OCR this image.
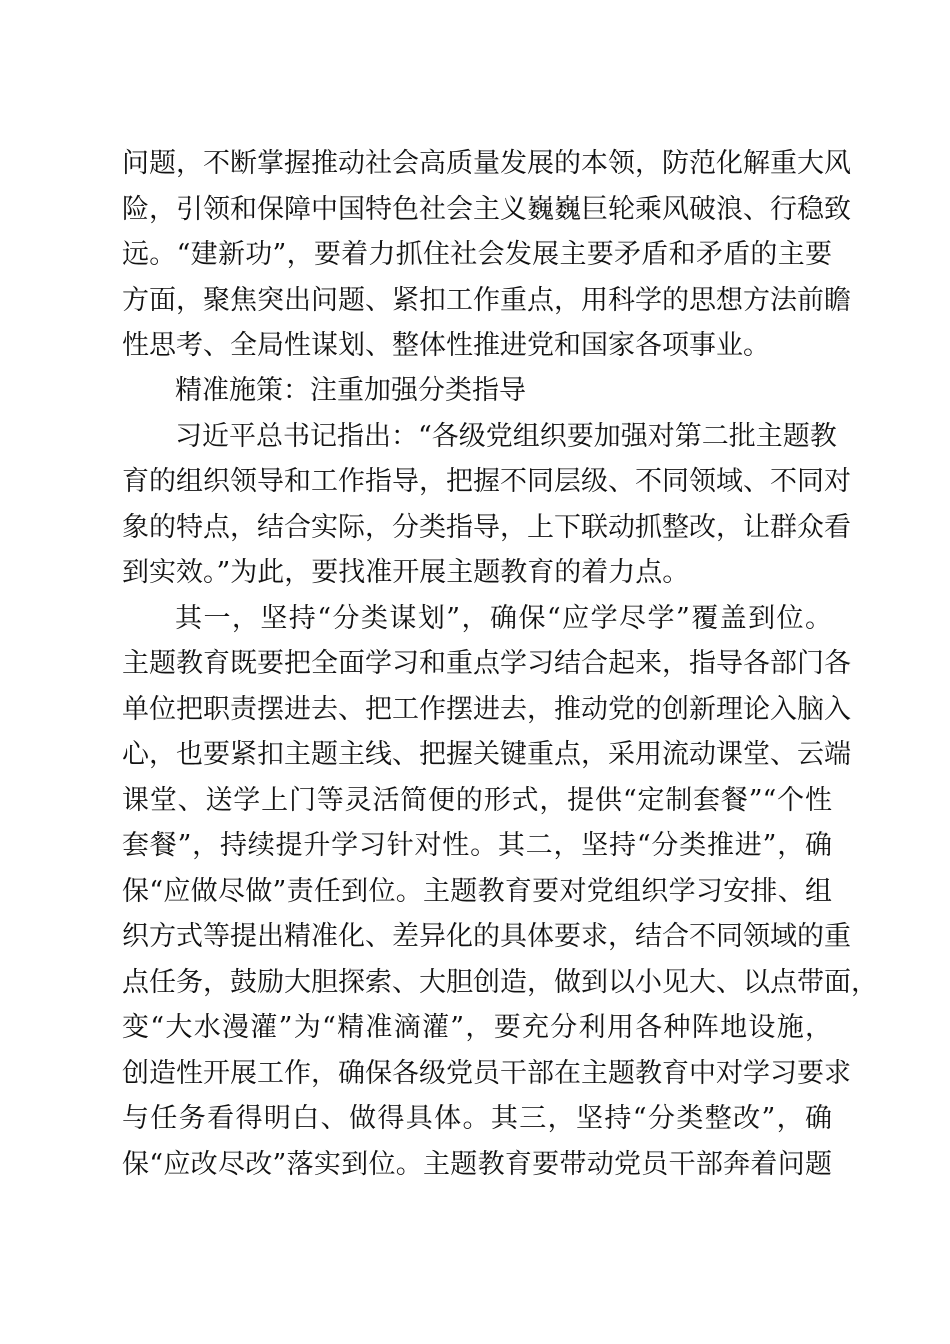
问题，不断掌握推动社会高质量发展的本领，防范化解重大风
险，引领和保障中国特色社会主义巍巍巨轮乘风破浪、行稳致
远。“建新功”，要着力抓住社会发展主要矛盾和矛盾的主要
方面，聚焦突出问题、紧扣工作重点，用科学的思想方法前瞻
性思考、全局性谋划、整体性推进党和国家各项事业。
精准施策：注重加强分类指导
习近平总书记指出：“各级党组织要加强对第二批主题教
育的组织领导和工作指导，把握不同层级、不同领域、不同对
象的特点，结合实际，分类指导，上下联动抓整改，让群众看
到实效。”为此，要找准开展主题教育的着力点。
其一，坚持“分类谋划”，确保“应学尽学”覆盖到位。
主题教育既要把全面学习和重点学习结合起来，指导各部门各
单位把职责摆进去、把工作摆进去，推动党的创新理论入脑入
心，也要紧扣主题主线、把握关键重点，采用流动课堂、云端
课堂、送学上门等灵活简便的形式，提供“定制套餐”“个性
套餐”，持续提升学习针对性。其二，坚持“分类推进”，确
保“应做尽做”责任到位。主题教育要对党组织学习安排、组
织方式等提出精准化、差异化的具体要求，结合不同领域的重
点任务，鼓励大胆探索、大胆创造，做到以小见大、以点带面，
变“大水漫灌”为“精准滴灌”，要充分利用各种阵地设施，
创造性开展工作，确保各级党员干部在主题教育中对学习要求
与任务看得明白、做得具体。其三，坚持“分类整改”，确
保“应改尽改”落实到位。主题教育要带动党员干部奔着问题
